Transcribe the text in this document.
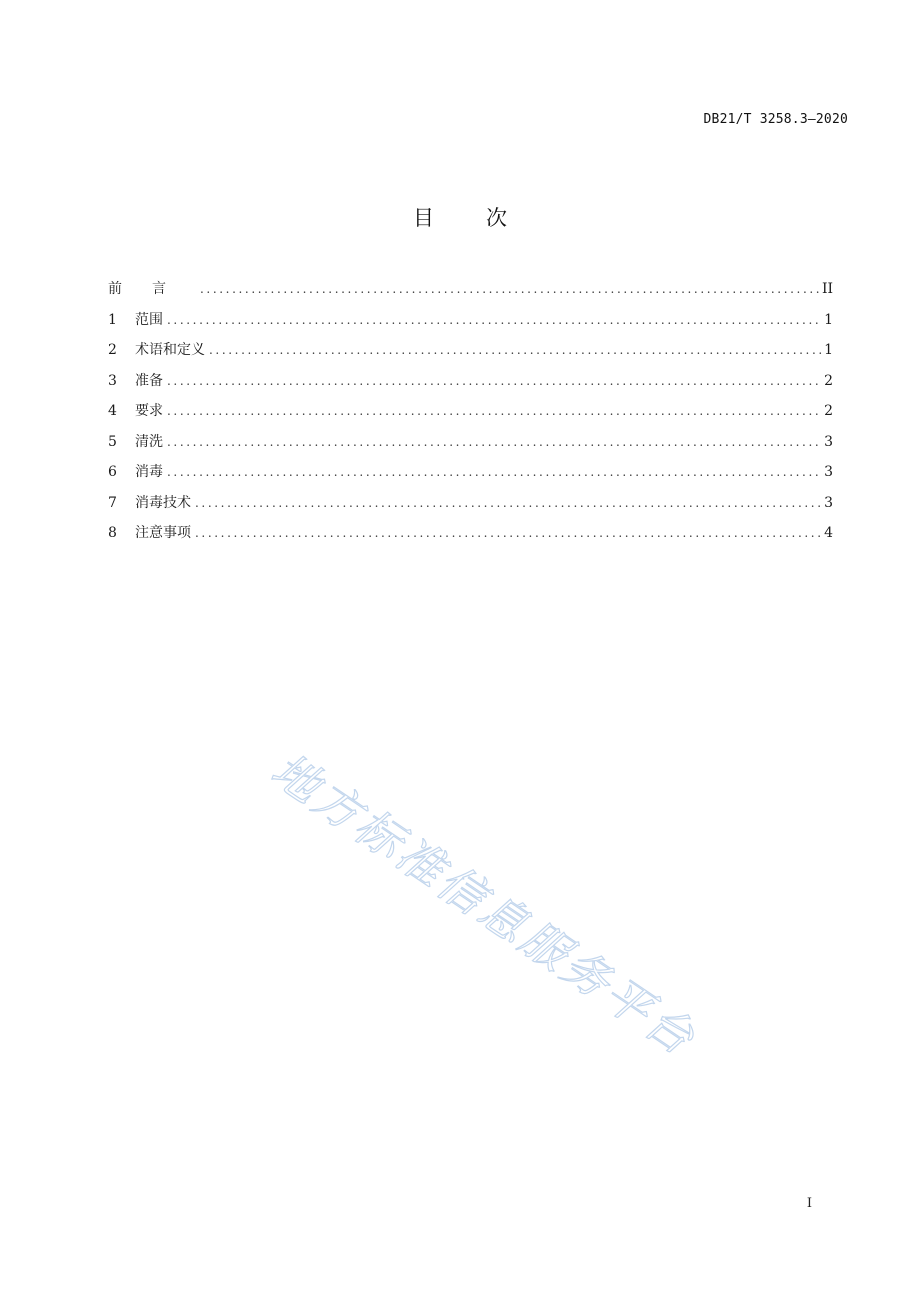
DB21/T 3258.3—2020
目次
前言 .....	II
1	范围 .....	1
2	术语和定义 .....	1
3	准备 .....	2
4	要求 .....	2
5	清洗 .....	3
6	消毒 .....	3
7	消毒技术 .....	3
8	注意事项 .....	4
地方标准信息服务平台
I
